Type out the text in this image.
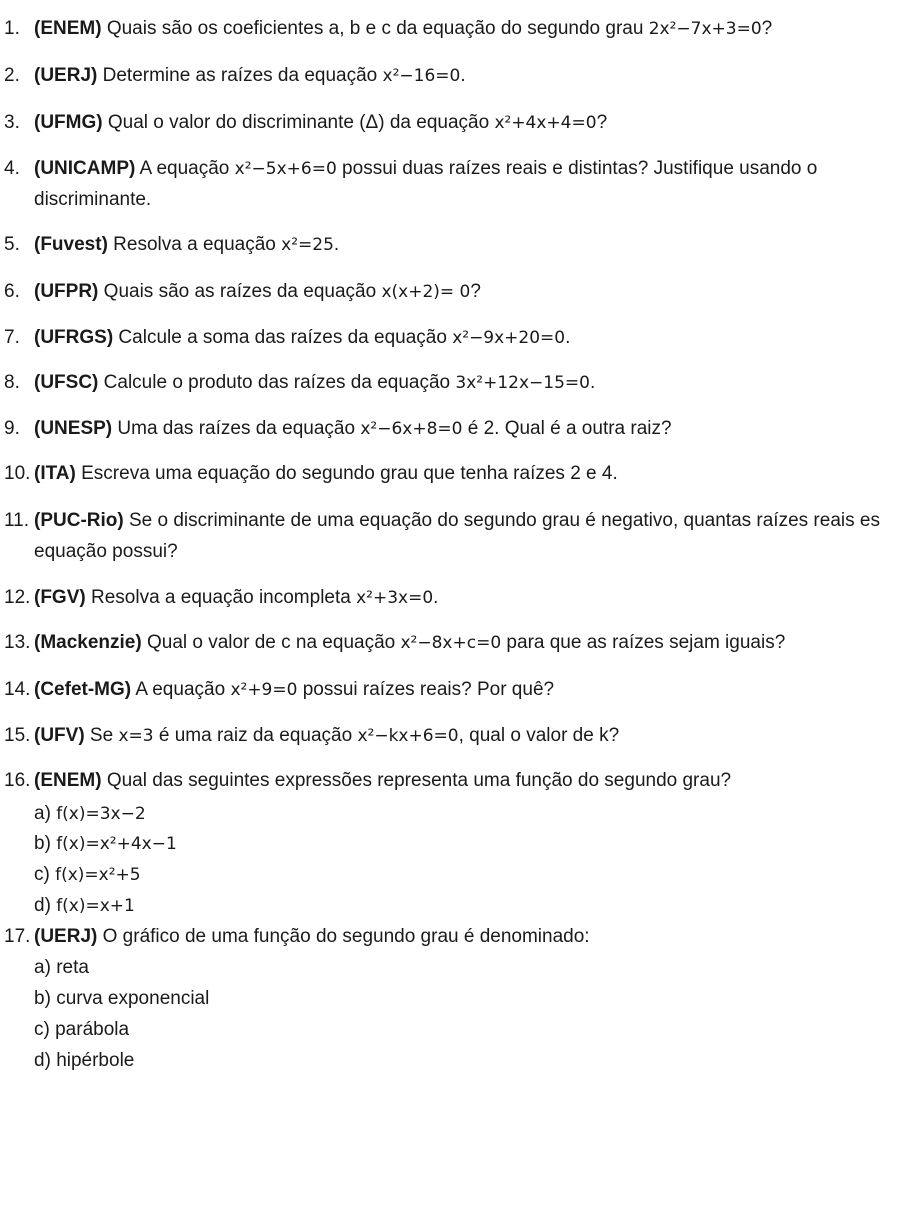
1. (ENEM) Quais são os coeficientes a, b e c da equação do segundo grau 2x²−7x+3=0?
2. (UERJ) Determine as raízes da equação x²−16=0.
3. (UFMG) Qual o valor do discriminante (Δ) da equação x²+4x+4=0?
4. (UNICAMP) A equação x²−5x+6=0 possui duas raízes reais e distintas? Justifique usando o
discriminante.
5. (Fuvest) Resolva a equação x²=25.
6. (UFPR) Quais são as raízes da equação x(x+2)= 0?
7. (UFRGS) Calcule a soma das raízes da equação x²−9x+20=0.
8. (UFSC) Calcule o produto das raízes da equação 3x²+12x−15=0.
9. (UNESP) Uma das raízes da equação x²−6x+8=0 é 2. Qual é a outra raiz?
10. (ITA) Escreva uma equação do segundo grau que tenha raízes 2 e 4.
11. (PUC-Rio) Se o discriminante de uma equação do segundo grau é negativo, quantas raízes reais es
equação possui?
12. (FGV) Resolva a equação incompleta x²+3x=0.
13. (Mackenzie) Qual o valor de c na equação x²−8x+c=0 para que as raízes sejam iguais?
14. (Cefet-MG) A equação x²+9=0 possui raízes reais? Por quê?
15. (UFV) Se x=3 é uma raiz da equação x²−kx+6=0, qual o valor de k?
16. (ENEM) Qual das seguintes expressões representa uma função do segundo grau?
a) f(x)=3x−2
b) f(x)=x²+4x−1
c) f(x)=x²+5
d) f(x)=x+1
17. (UERJ) O gráfico de uma função do segundo grau é denominado:
a) reta
b) curva exponencial
c) parábola
d) hipérbole
